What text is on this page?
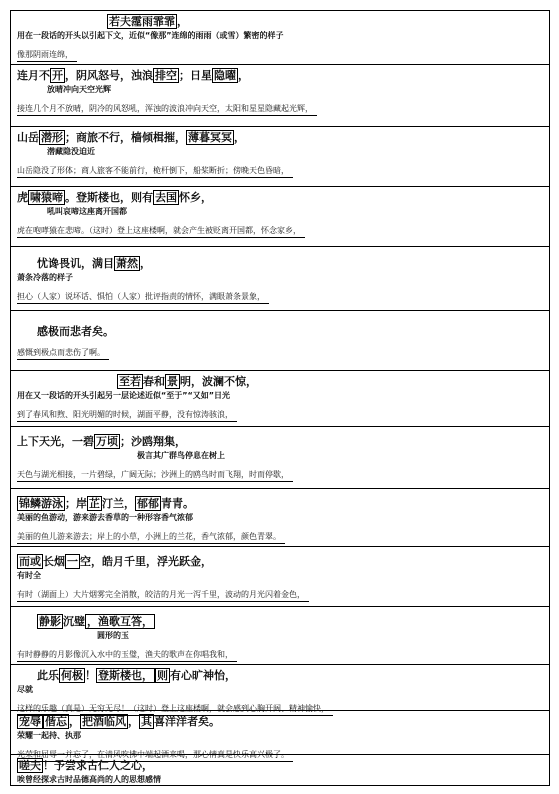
若夫霪雨霏霏 ，
用在一段话的开头以引起下文，近似“像那”连绵的雨雨（或雪）繁密的样子
像那阴雨连绵，
连月不 开 ，阴风怒号，浊浪 排空 ；日星 隐曜 ，
放晴冲向天空光辉
接连几个月不放晴，阴冷的风怒吼，浑浊的波浪冲向天空，太阳和星星隐藏起光辉，
山岳 潜形 ；商旅不行，樯倾楫摧， 薄暮冥冥 ，
潜藏隐没迫近
山岳隐没了形体；商人旅客不能前行，桅杆倒下，船桨断折；傍晚天色昏暗，
虎 啸猿啼 。登斯楼也，则有 去国 怀乡，
吼叫哀啼这座离开国都
虎在咆哮猿在悲啼。（这时）登上这座楼啊，就会产生被贬离开国都，怀念家乡，
忧谗畏讥，满目 萧然 ，
萧条冷落的样子
担心（人家）说坏话、惧怕（人家）批评指责的情怀，满眼萧条景象，
感极而悲者矣。
感慨到极点而悲伤了啊。
至若 春和 景 明，波澜不惊，
用在又一段话的开头引起另一层论述近似“至于”“又如”日光
到了春风和煦、阳光明媚的时候，湖面平静，没有惊涛骇浪，
上下天光，一碧 万顷 ；沙鸥翔集，
极言其广群鸟停息在树上
天色与湖光相接，一片碧绿，广阔无际；沙洲上的鸥鸟时而飞翔，时而停歇，
锦鳞游泳 ；岸 芷 汀兰， 郁郁 青青。
美丽的鱼游动，游来游去香草的一种形容香气浓郁
美丽的鱼儿游来游去；岸上的小草，小洲上的兰花，香气浓郁，颜色青翠。
而或 长烟 一 空，皓月千里，浮光跃金，
有时全
有时（湖面上）大片烟雾完全消散，皎洁的月光一泻千里，波动的月光闪着金色，
静影 沉璧 ，渔歌互答，
圆形的玉
有时静静的月影像沉入水中的玉璧，渔夫的歌声在你唱我和，
此乐 何极 ！ 登斯楼也， 则 有心旷神怡，
尽就
这样的乐趣（真是）无穷无尽！（这时）登上这座楼啊，就会感到心胸开阔、精神愉快，
宠辱 偕忘 ， 把酒临风 ， 其 喜洋洋者矣。
荣耀一起持、执那
光荣和屈辱一并忘了，在清风吹拂中端起酒来喝，那心情真是快乐高兴极了。
嗟夫 ！予尝求古仁人之心，
唉曾经探求古时品德高尚的人的思想感情
